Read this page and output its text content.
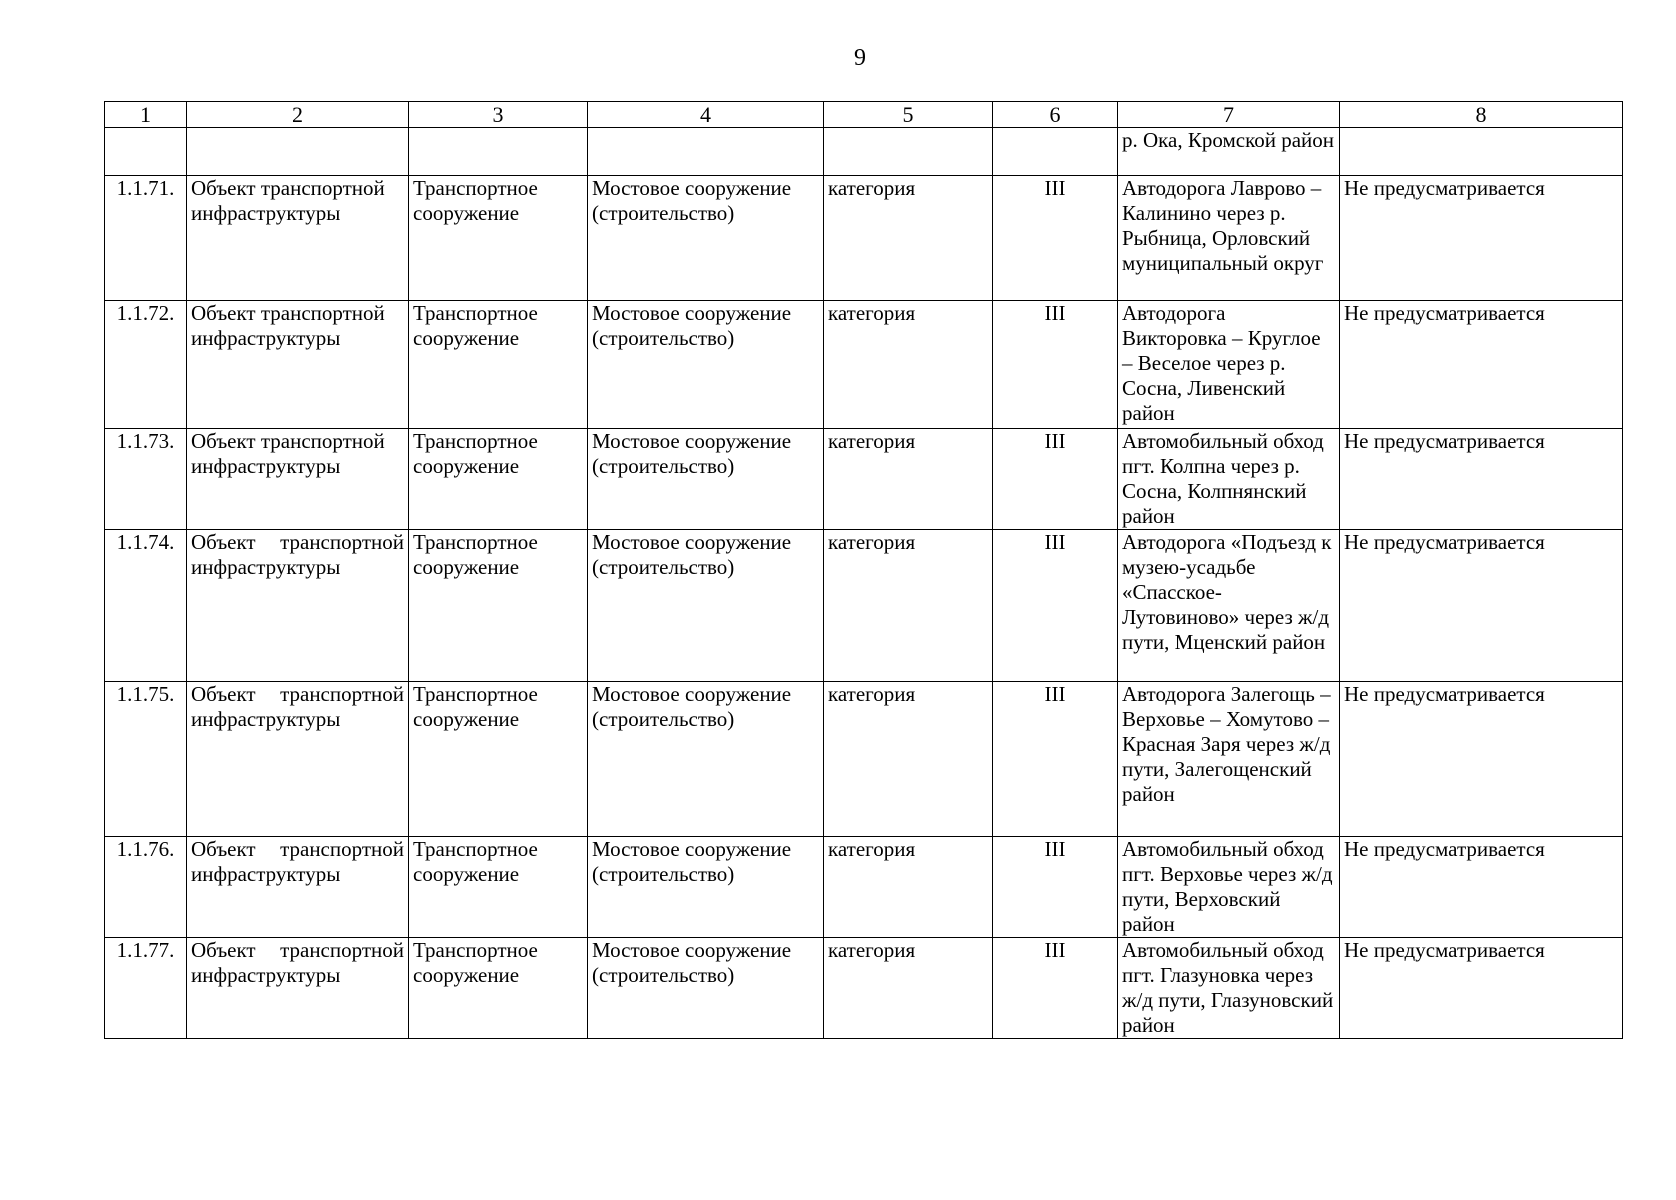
9
1	2	3	4	5	6	7	8
						р. Ока, Кромской район	
1.1.71.	Объект транспортной инфраструктуры	Транспортное сооружение	Мостовое сооружение (строительство)	категория	III	Автодорога Лаврово – Калинино через р. Рыбница, Орловский муниципальный округ	Не предусматривается
1.1.72.	Объект транспортной инфраструктуры	Транспортное сооружение	Мостовое сооружение (строительство)	категория	III	Автодорога Викторовка – Круглое – Веселое через р. Сосна, Ливенский район	Не предусматривается
1.1.73.	Объект транспортной инфраструктуры	Транспортное сооружение	Мостовое сооружение (строительство)	категория	III	Автомобильный обход пгт. Колпна через р. Сосна, Колпнянский район	Не предусматривается
1.1.74.	Объект транспортной инфраструктуры	Транспортное сооружение	Мостовое сооружение (строительство)	категория	III	Автодорога «Подъезд к музею-усадьбе «Спасское-Лутовиново» через ж/д пути, Мценский район	Не предусматривается
1.1.75.	Объект транспортной инфраструктуры	Транспортное сооружение	Мостовое сооружение (строительство)	категория	III	Автодорога Залегощь – Верховье – Хомутово – Красная Заря через ж/д пути, Залегощенский район	Не предусматривается
1.1.76.	Объект транспортной инфраструктуры	Транспортное сооружение	Мостовое сооружение (строительство)	категория	III	Автомобильный обход пгт. Верховье через ж/д пути, Верховский район	Не предусматривается
1.1.77.	Объект транспортной инфраструктуры	Транспортное сооружение	Мостовое сооружение (строительство)	категория	III	Автомобильный обход пгт. Глазуновка через ж/д пути, Глазуновский район	Не предусматривается
